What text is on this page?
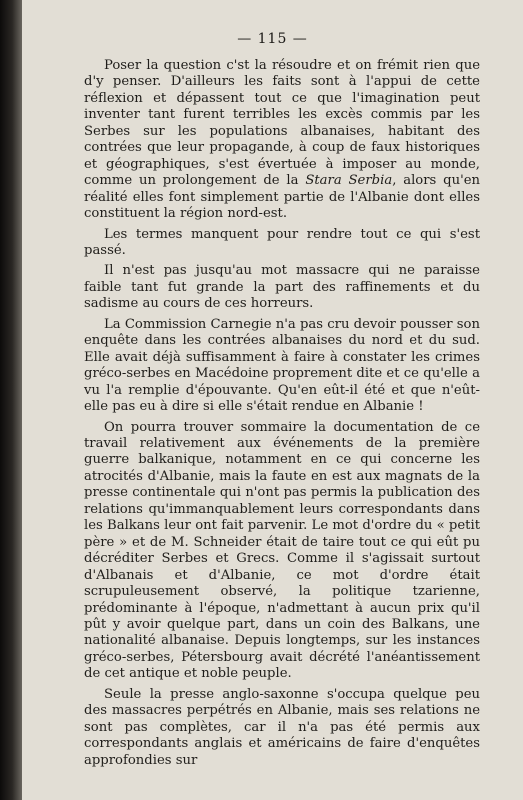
— 115 —

Poser la question c'st la résoudre et on frémit rien que d'y penser. D'ailleurs les faits sont à l'appui de cette réflexion et dépassent tout ce que l'imagination peut inventer tant furent terribles les excès commis par les Serbes sur les populations albanaises, habitant des contrées que leur propagande, à coup de faux historiques et géographiques, s'est évertuée à imposer au monde, comme un prolongement de la Stara Serbia, alors qu'en réalité elles font simplement partie de l'Albanie dont elles constituent la région nord-est.

Les termes manquent pour rendre tout ce qui s'est passé.

Il n'est pas jusqu'au mot massacre qui ne paraisse faible tant fut grande la part des raffinements et du sadisme au cours de ces horreurs.

La Commission Carnegie n'a pas cru devoir pousser son enquête dans les contrées albanaises du nord et du sud. Elle avait déjà suffisamment à faire à constater les crimes gréco-serbes en Macédoine proprement dite et ce qu'elle a vu l'a remplie d'épouvante. Qu'en eût-il été et que n'eût-elle pas eu à dire si elle s'était rendue en Albanie !

On pourra trouver sommaire la documentation de ce travail relativement aux événements de la première guerre balkanique, notamment en ce qui concerne les atrocités d'Albanie, mais la faute en est aux magnats de la presse continentale qui n'ont pas permis la publication des relations qu'immanquablement leurs correspondants dans les Balkans leur ont fait parvenir. Le mot d'ordre du « petit père » et de M. Schneider était de taire tout ce qui eût pu décréditer Serbes et Grecs. Comme il s'agissait surtout d'Albanais et d'Albanie, ce mot d'ordre était scrupuleusement observé, la politique tzarienne, prédominante à l'époque, n'admettant à aucun prix qu'il pût y avoir quelque part, dans un coin des Balkans, une nationalité albanaise. Depuis longtemps, sur les instances gréco-serbes, Pétersbourg avait décrété l'anéantissement de cet antique et noble peuple.

Seule la presse anglo-saxonne s'occupa quelque peu des massacres perpétrés en Albanie, mais ses relations ne sont pas complètes, car il n'a pas été permis aux correspondants anglais et américains de faire d'enquêtes approfondies sur
